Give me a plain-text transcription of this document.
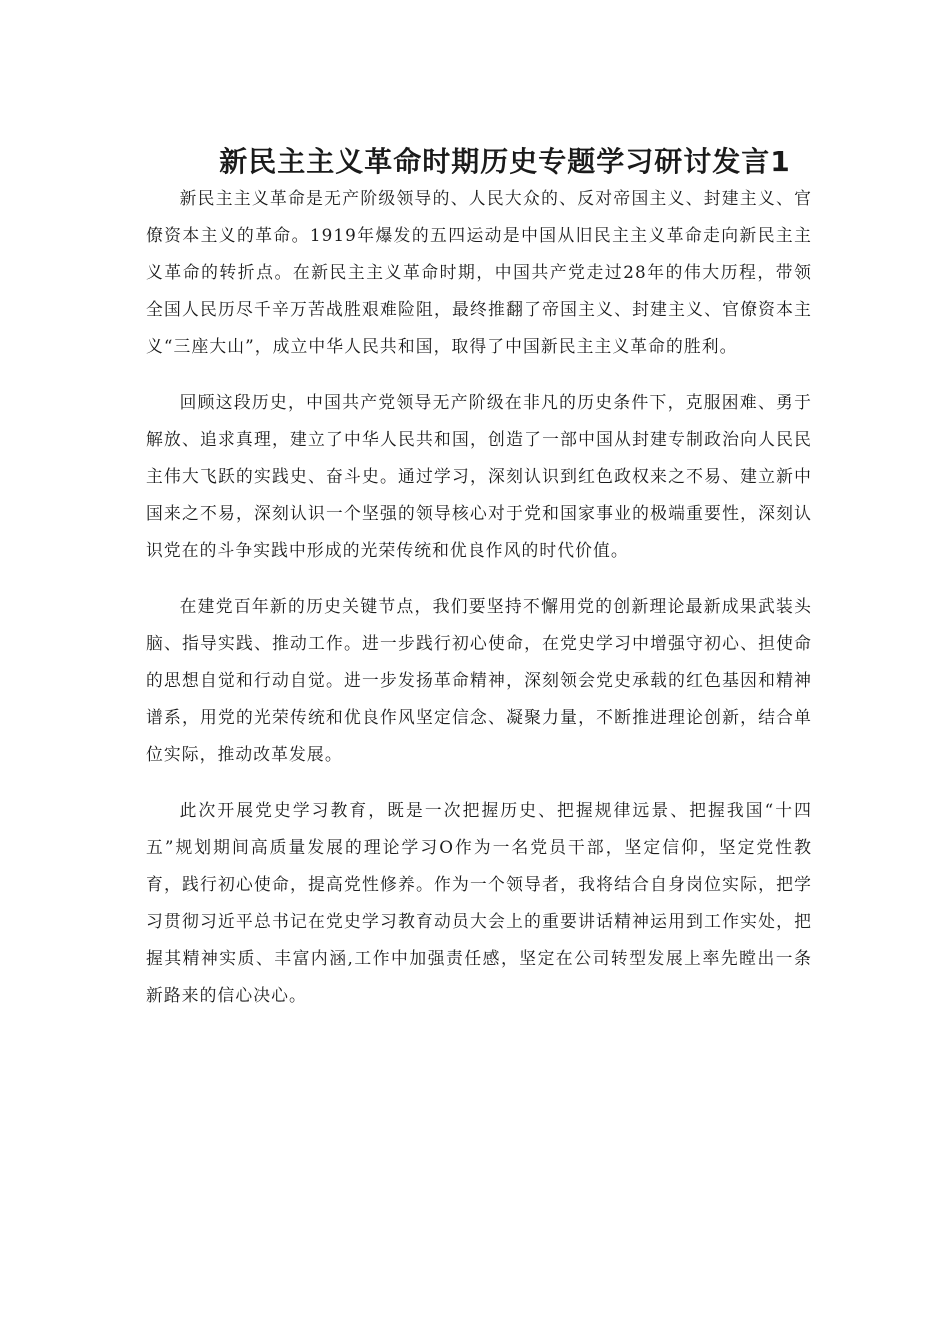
新民主主义革命时期历史专题学习研讨发言1

新民主主义革命是无产阶级领导的、人民大众的、反对帝国主义、封建主义、官僚资本主义的革命。1919年爆发的五四运动是中国从旧民主主义革命走向新民主主义革命的转折点。在新民主主义革命时期，中国共产党走过28年的伟大历程，带领全国人民历尽千辛万苦战胜艰难险阻，最终推翻了帝国主义、封建主义、官僚资本主义“三座大山”，成立中华人民共和国，取得了中国新民主主义革命的胜利。

回顾这段历史，中国共产党领导无产阶级在非凡的历史条件下，克服困难、勇于解放、追求真理，建立了中华人民共和国，创造了一部中国从封建专制政治向人民民主伟大飞跃的实践史、奋斗史。通过学习，深刻认识到红色政权来之不易、建立新中国来之不易，深刻认识一个坚强的领导核心对于党和国家事业的极端重要性，深刻认识党在的斗争实践中形成的光荣传统和优良作风的时代价值。

在建党百年新的历史关键节点，我们要坚持不懈用党的创新理论最新成果武装头脑、指导实践、推动工作。进一步践行初心使命，在党史学习中增强守初心、担使命的思想自觉和行动自觉。进一步发扬革命精神，深刻领会党史承载的红色基因和精神谱系，用党的光荣传统和优良作风坚定信念、凝聚力量，不断推进理论创新，结合单位实际，推动改革发展。

此次开展党史学习教育，既是一次把握历史、把握规律远景、把握我国“十四五”规划期间高质量发展的理论学习O作为一名党员干部，坚定信仰，坚定党性教育，践行初心使命，提高党性修养。作为一个领导者，我将结合自身岗位实际，把学习贯彻习近平总书记在党史学习教育动员大会上的重要讲话精神运用到工作实处，把握其精神实质、丰富内涵,工作中加强责任感，坚定在公司转型发展上率先瞠出一条新路来的信心决心。
